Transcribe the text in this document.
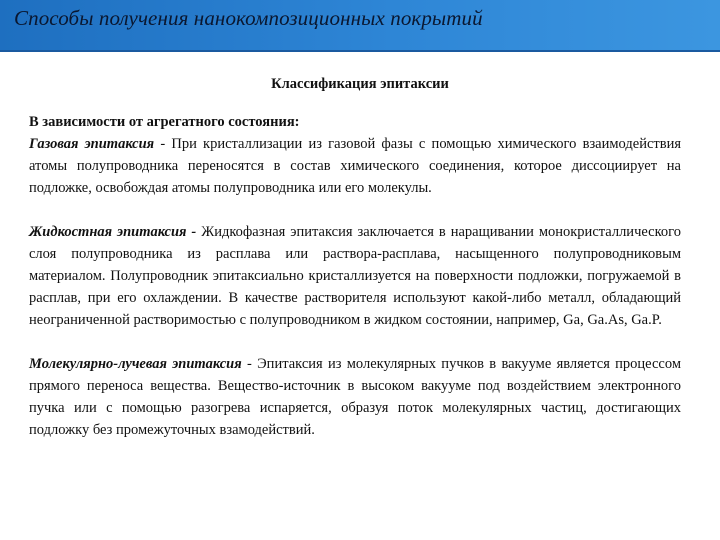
Способы получения нанокомпозиционных покрытий
Классификация эпитаксии

В зависимости от агрегатного состояния:

Газовая эпитаксия - При кристаллизации из газовой фазы с помощью химического взаимодействия атомы полупроводника переносятся в состав химического соединения, которое диссоциирует на подложке, освобождая атомы полупроводника или его молекулы.

Жидкостная эпитаксия - Жидкофазная эпитаксия заключается в наращивании монокристаллического слоя полупроводника из расплава или раствора-расплава, насыщенного полупроводниковым материалом. Полупроводник эпитаксиально кристаллизуется на поверхности подложки, погружаемой в расплав, при его охлаждении. В качестве растворителя используют какой-либо металл, обладающий неограниченной растворимостью с полупроводником в жидком состоянии, например, Ga, Ga.As, Ga.P.

Молекулярно-лучевая эпитаксия - Эпитаксия из молекулярных пучков в вакууме является процессом прямого переноса вещества. Вещество-источник в высоком вакууме под воздействием электронного пучка или с помощью разогрева испаряется, образуя поток молекулярных частиц, достигающих подложку без промежуточных взамодействий.
